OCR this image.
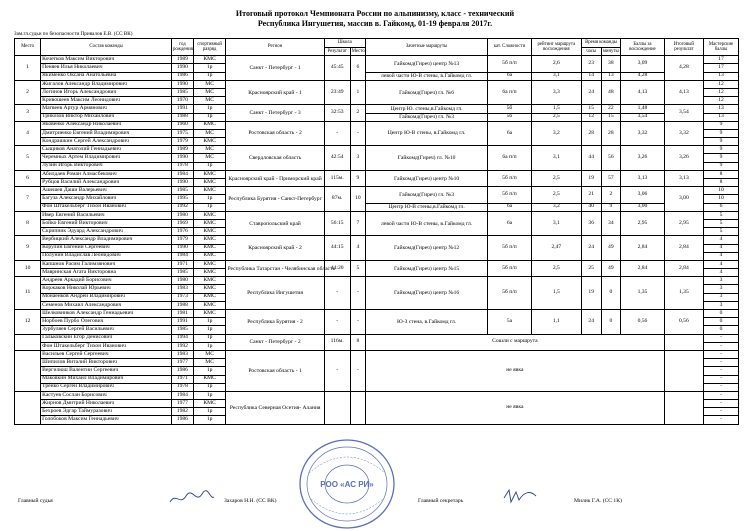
Итоговый протокол Чемпионата России по альпинизму, класс - технический
Республика Ингушетия, массив в. Гайкомд, 01-19 февраля 2017г.
Зам.гл.судьи по безопасности Привалов Е.В. (СС ВК)
Место	Состав команды	год рождения	спортивный разряд	Регион	Школа		Зачетные маршруты	кат. Сложности	рейтинг маршрута восхождения	Время команды		Баллы за восхождение	Итоговый результат	Мастерские баллы
					Результат	Место				часы	минуты			
1	Кочетков Максим Викторович	1989	КМС	Санкт - Петербург - 1	45:45	6	Гайкомд(Гиреч) центр №13	5б п/п	2,6	23	38	3,09	4,28	17
	Пеняев Илья Николаевич	1990	1р											17
	Якименко Оксана Анатольевна	1986	1р				левой части Ю-В стены, в.Гайкомд гл.	6а	3,1	14	13	4,28		13
2	Жигалов Александр Владимирович	1990	МС	Красноярский край - 1	23:49	1	Гайкомд(Гиреч) гл. №6	6а п/п	3,3	24	48	4,13	4,13	12
	Логинов Игорь Александрович	1985	МС											12
	Кривошеев Максим Леонидович	1970	МС											12
3	Матвеев Артур Армянович	1991	1р	Санкт - Петербург - 3	32:53	2	Центр Ю. стены,в.Гайкомд гл.	5б	1,5	15	22	1,48	3,54	13
	Трикозов Виктор Михайлович	1988	1р				Гайкомд(Гиреч) гл. №3	5б	2,5	12	15	3,54		13
4	Яковенко Александр Николаевич	1960	КМС	Ростовская область - 2	-	-	Центр Ю-В стены, в.Гайкомд гл.	6а	3,2	28	28	3,32	3,32	9
	Дмитриенко Евгений Владимирович	1975	МС											9
	Кондрашкин Сергей Александрович	1979	КМС											9
5	Сыщиков Анатолий Геннадьевич	1989	МС	Свердловская область	42:54	3	Гайкомд(Гиреч) гл. №10	6а п/п	3,1	44	56	3,26	3,26	9
	Черемных Артем Владимирович	1990	МС											9
	Лузин Игорь Викторович	1978	1р											9
6	Абилдаев Роман Алмасбекович	1984	КМС	Красноярский край - Приморский край	115м.	9	Гайкомд(Гиреч) центр №10	5б п/п	2,5	19	57	3,13	3,13	8
	Рубцов Василий Александрович	1990	КМС											8
7	Ашешев Даши Валерьевич	1985	КМС	Республика Бурятия - Санкт-Петербург	87м.	10	Гайкомд(Гиреч) гл. №3	5б п/п	2,5	21	2	3,06	3,00	10
	Багуза Александр Михайлович	1995	1р											10
	Фон Штакельберг Тихон Иванович	1992	1р				Центр Ю-В стены,в.Гайкомд гл.	6а	3,2	40	9	3,00		6
8	Ивер Евгений Васильевич	1980	КМС	Ставропольский край	56:15	7	левой части Ю-В стены, в.Гайкомд гл.	6а	3,1	36	34	2,95	2,95	5
	Бойко Евгений Викторович	1969	КМС											5
	Скрипник Эдуард Александрович	1976	КМС											5
9	Вербицкий Александр Владимирович	1979	КМС	Красноярский край - 2	44:15	4	Гайкомд(Гиреч) центр №12	5б п/п	2,47	24	49	2,84	2,84	4
	Корулин Евгений Сергеевич	1990	КМС											4
	Полунин Владислав Леонидович	1984	КМС											4
10	Капшнов Расим Галимзянович	1971	КМС	Республика Татарстан - Челябинская область	44:20	5	Гайкомд(Гиреч) центр №15	5б п/п	2,5	25	49	2,84	2,84	4
	Мавринская Агата Викторовна	1985	КМС											4
11	Андреев Аркадий Борисович	1980	КМС	Республика Ингушетия	-	-	Гайкомд(Гиреч) центр №16	5б п/п	1,5	19	0	1,35	1,35	3
	Коржаков Николай Юрьевич	1983	КМС											3
	Монаенков Андрей Владимирович	1973	КМС											3
	Семенов Михаил Александрович	1988	КМС											3
12	Шелковников Александр Геннадьевич	1981	КМС	Республика Бурятия - 2	-	-	Ю-З стена, в.Гайкомд гл.	5а	1,1	24	0	0,56	0,56	0
	Норбоев Пурбо Олегович	1991	1р											0
	Зурбуляев Сергей Васильевич	1985	1р											0
	Гальковский Егор Денисович	1994	1р	Санкт - Петербург - 2	116м.	8	Сошли с маршрута							-
	Фон Штакельберг Тихон Иванович	1992	1р											-
	Васильев Сергей Сергеевич	1983	МС	Ростовская область - 1	-	-	не явка							-
	Шипилов Виталий Викторович	1977	МС											-
	Вергилюш Валентин Сергеевич	1986	1р											-
	Маковкин Михаил Владимирович	1971	КМС											-
	Тренко Сергей Владимирович	1978	1р											-
	Кастуев Сослан Борисович	1984	1р	Республика Северная Осетия- Алания			не явка							-
	Жирнов Дмитрий Николаевич	1977	КМС											-
	Бехроев Эдгар Таймуразович	1982	1р											-
	Голобоков Максим Геннадьевич	1986	1р											-
Главный судья	Захаров Н.Н. (СС ВК)	Главный секретарь	Милик Г.А. (СС 1К)
РОО «АС РИ»
